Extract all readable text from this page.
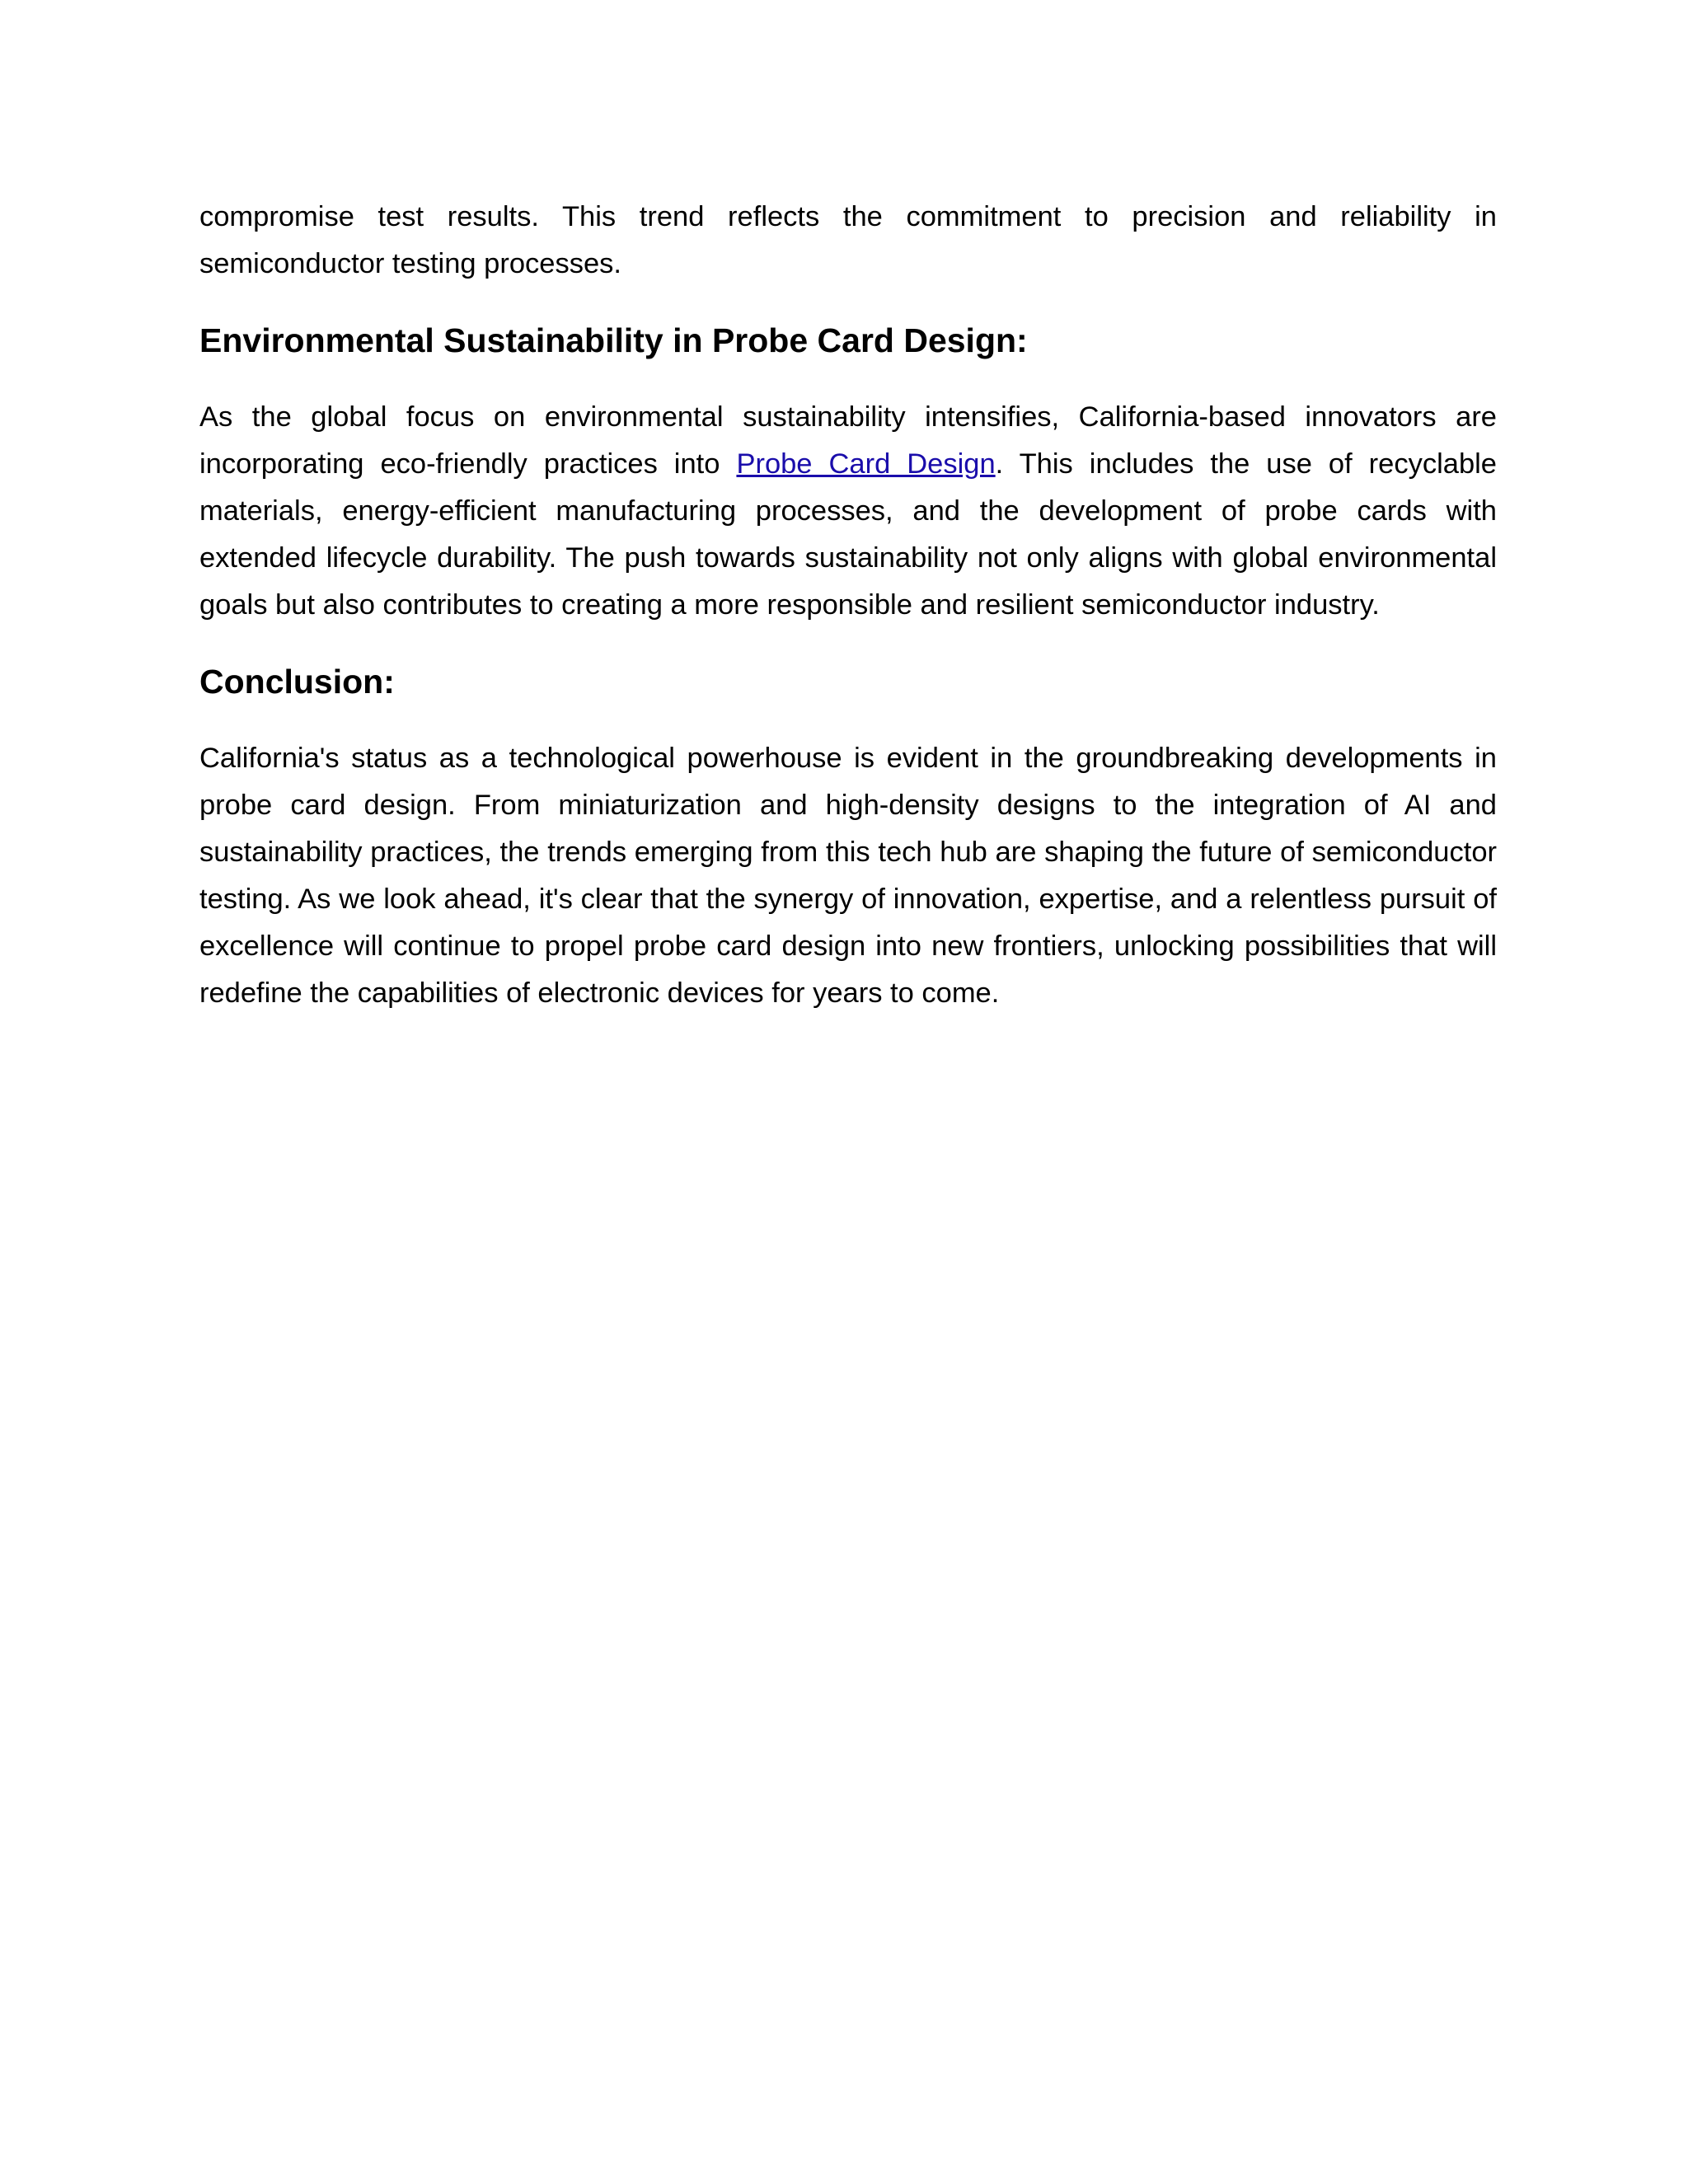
compromise test results. This trend reflects the commitment to precision and reliability in semiconductor testing processes.

Environmental Sustainability in Probe Card Design:

As the global focus on environmental sustainability intensifies, California-based innovators are incorporating eco-friendly practices into Probe Card Design. This includes the use of recyclable materials, energy-efficient manufacturing processes, and the development of probe cards with extended lifecycle durability. The push towards sustainability not only aligns with global environmental goals but also contributes to creating a more responsible and resilient semiconductor industry.

Conclusion:

California's status as a technological powerhouse is evident in the groundbreaking developments in probe card design. From miniaturization and high-density designs to the integration of AI and sustainability practices, the trends emerging from this tech hub are shaping the future of semiconductor testing. As we look ahead, it's clear that the synergy of innovation, expertise, and a relentless pursuit of excellence will continue to propel probe card design into new frontiers, unlocking possibilities that will redefine the capabilities of electronic devices for years to come.
